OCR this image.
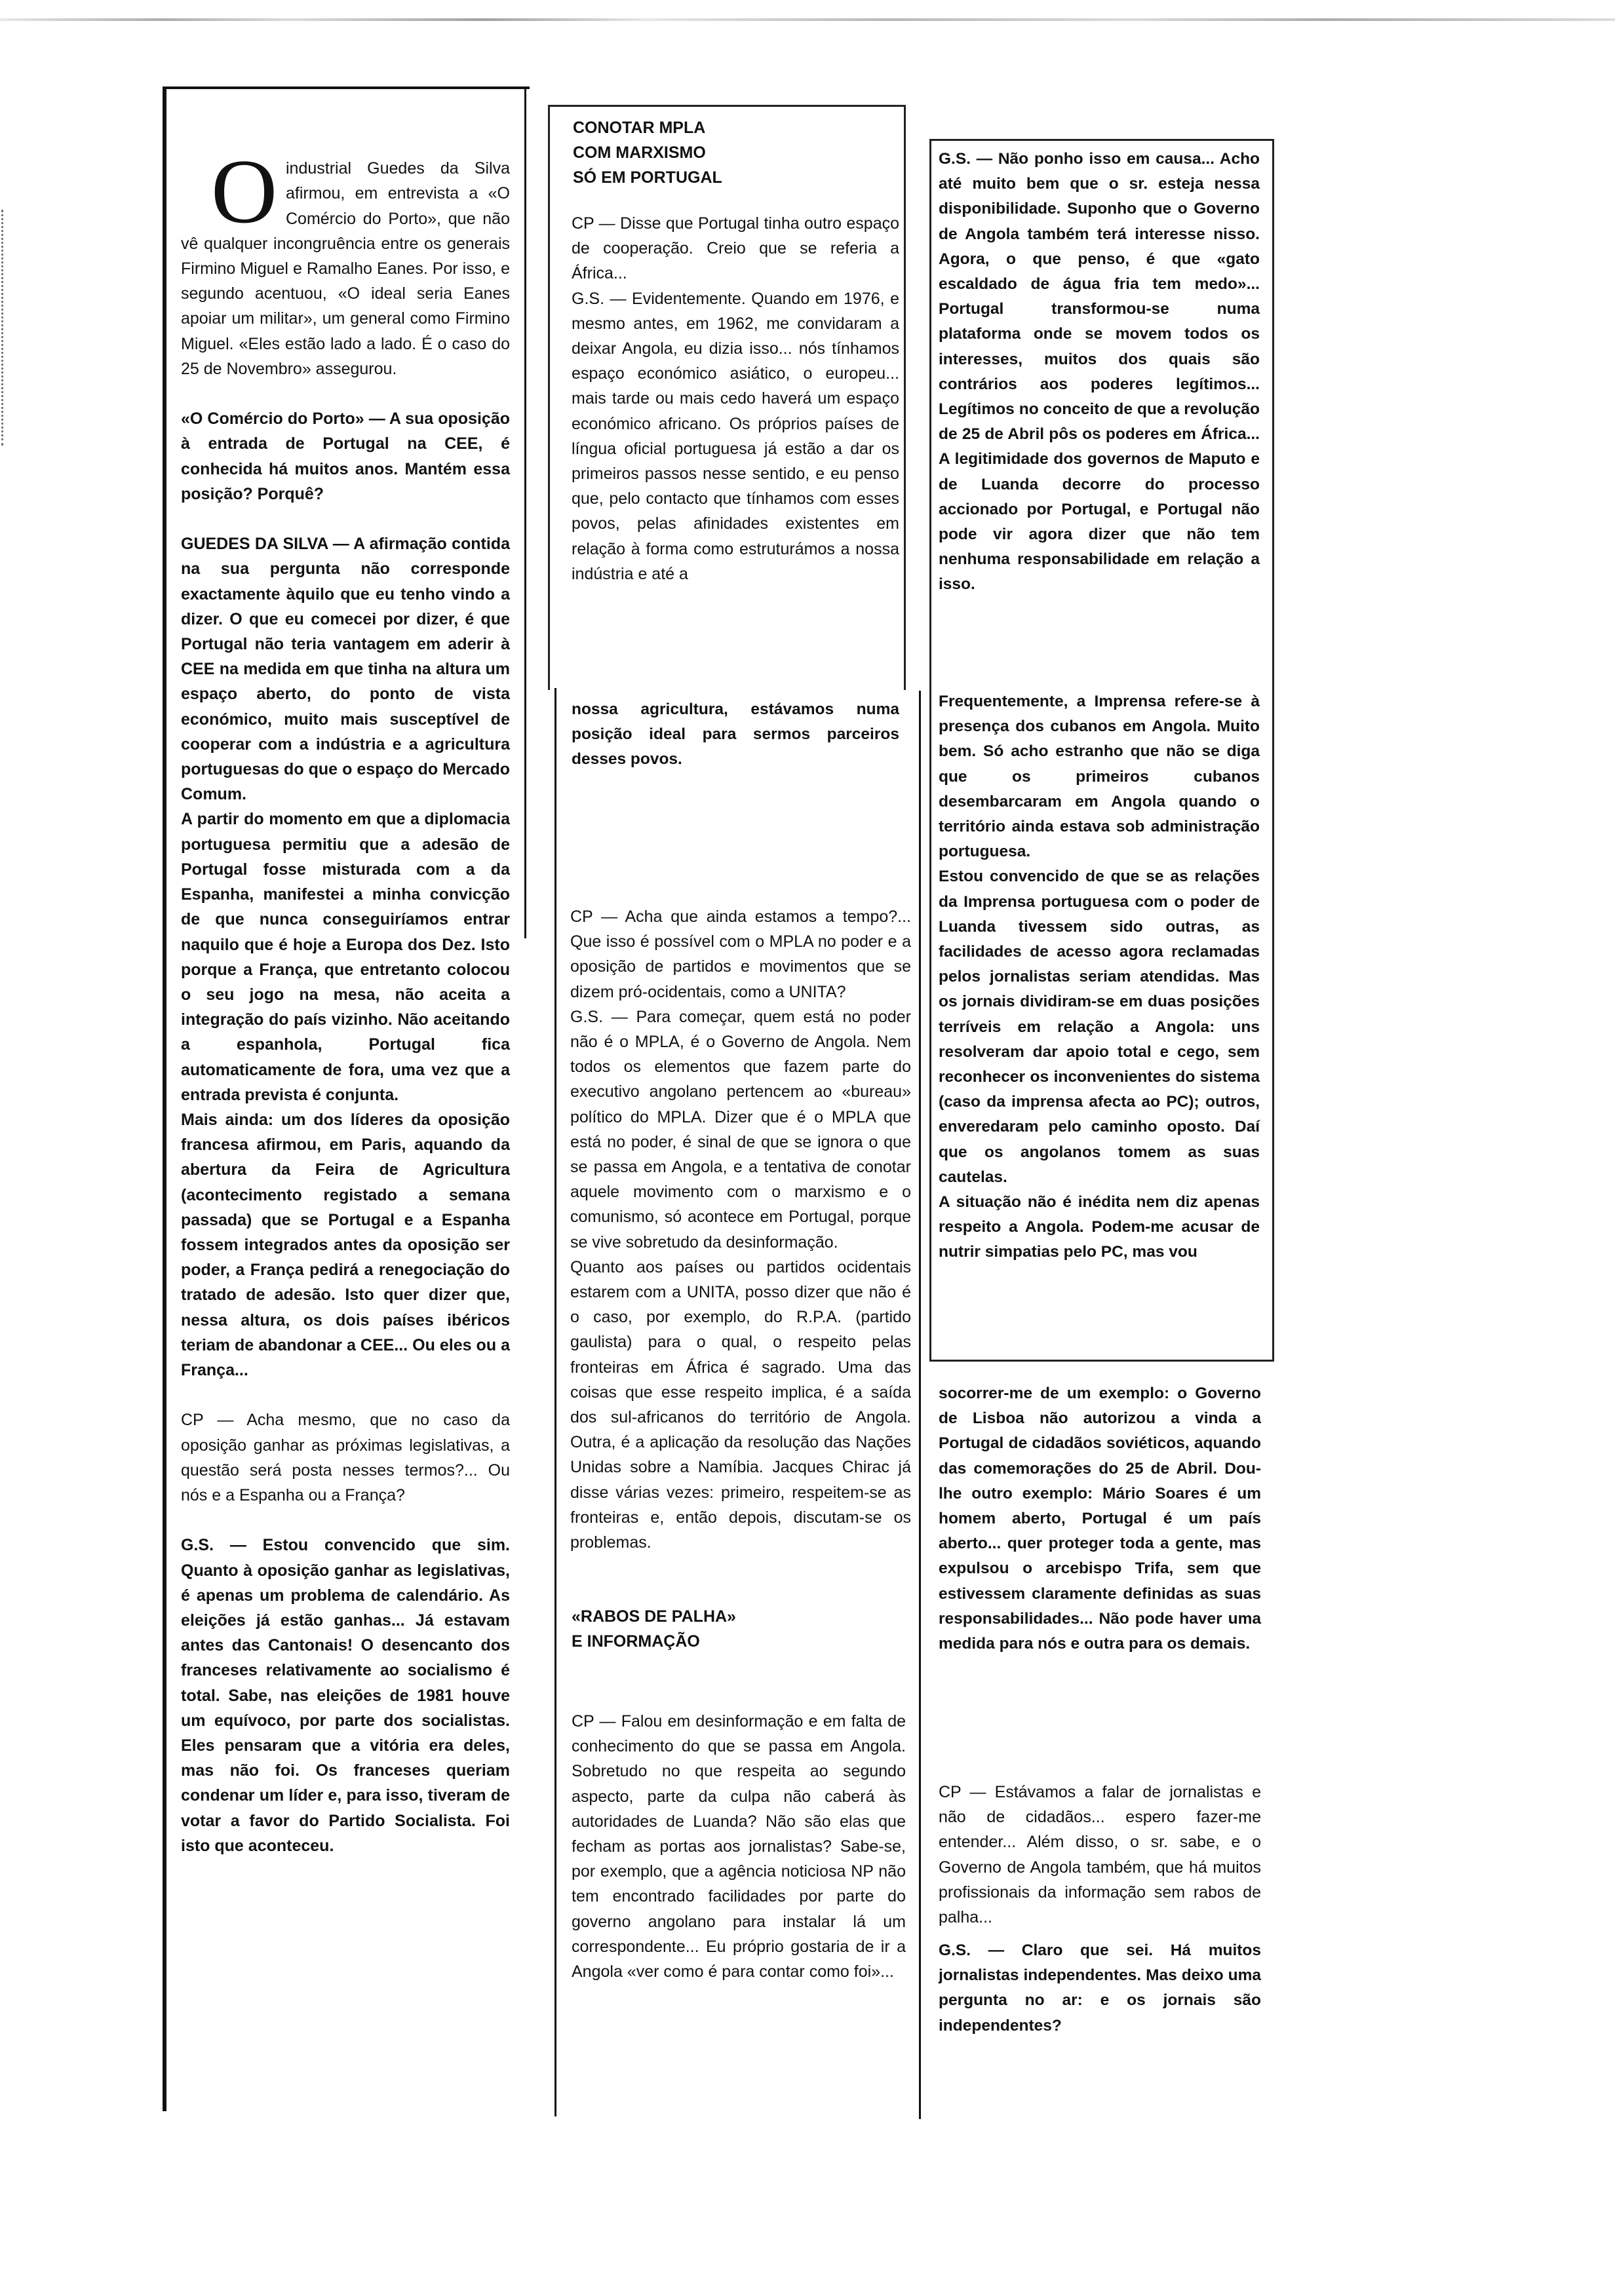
O industrial Guedes da Silva afirmou, em entrevista a «O Comércio do Porto», que não vê qualquer incongruência entre os generais Firmino Miguel e Ramalho Eanes. Por isso, e segundo acentuou, «O ideal seria Eanes apoiar um militar», um general como Firmino Miguel. «Eles estão lado a lado. É o caso do 25 de Novembro» assegurou.

«O Comércio do Porto» — A sua oposição à entrada de Portugal na CEE, é conhecida há muitos anos. Mantém essa posição? Porquê?

GUEDES DA SILVA — A afirmação contida na sua pergunta não corresponde exactamente àquilo que eu tenho vindo a dizer. O que eu comecei por dizer, é que Portugal não teria vantagem em aderir à CEE na medida em que tinha na altura um espaço aberto, do ponto de vista económico, muito mais susceptível de cooperar com a indústria e a agricultura portuguesas do que o espaço do Mercado Comum.
A partir do momento em que a diplomacia portuguesa permitiu que a adesão de Portugal fosse misturada com a da Espanha, manifestei a minha convicção de que nunca conseguiríamos entrar naquilo que é hoje a Europa dos Dez. Isto porque a França, que entretanto colocou o seu jogo na mesa, não aceita a integração do país vizinho. Não aceitando a espanhola, Portugal fica automaticamente de fora, uma vez que a entrada prevista é conjunta.
Mais ainda: um dos líderes da oposição francesa afirmou, em Paris, aquando da abertura da Feira de Agricultura (acontecimento registado a semana passada) que se Portugal e a Espanha fossem integrados antes da oposição ser poder, a França pedirá a renegociação do tratado de adesão. Isto quer dizer que, nessa altura, os dois países ibéricos teriam de abandonar a CEE... Ou eles ou a França...

CP — Acha mesmo, que no caso da oposição ganhar as próximas legislativas, a questão será posta nesses termos?... Ou nós e a Espanha ou a França?

G.S. — Estou convencido que sim. Quanto à oposição ganhar as legislativas, é apenas um problema de calendário. As eleições já estão ganhas... Já estavam antes das Cantonais! O desencanto dos franceses relativamente ao socialismo é total. Sabe, nas eleições de 1981 houve um equívoco, por parte dos socialistas. Eles pensaram que a vitória era deles, mas não foi. Os franceses queriam condenar um líder e, para isso, tiveram de votar a favor do Partido Socialista. Foi isto que aconteceu.

CONOTAR MPLA
COM MARXISMO
SÓ EM PORTUGAL
CP — Disse que Portugal tinha outro espaço de cooperação. Creio que se referia a África...
G.S. — Evidentemente. Quando em 1976, e mesmo antes, em 1962, me convidaram a deixar Angola, eu dizia isso... nós tínhamos espaço económico asiático, o europeu... mais tarde ou mais cedo haverá um espaço económico africano. Os próprios países de língua oficial portuguesa já estão a dar os primeiros passos nesse sentido, e eu penso que, pelo contacto que tínhamos com esses povos, pelas afinidades existentes em relação à forma como estruturámos a nossa indústria e até a
nossa agricultura, estávamos numa posição ideal para sermos parceiros desses povos.
CP — Acha que ainda estamos a tempo?... Que isso é possível com o MPLA no poder e a oposição de partidos e movimentos que se dizem pró-ocidentais, como a UNITA?
G.S. — Para começar, quem está no poder não é o MPLA, é o Governo de Angola. Nem todos os elementos que fazem parte do executivo angolano pertencem ao «bureau» político do MPLA. Dizer que é o MPLA que está no poder, é sinal de que se ignora o que se passa em Angola, e a tentativa de conotar aquele movimento com o marxismo e o comunismo, só acontece em Portugal, porque se vive sobretudo da desinformação.
Quanto aos países ou partidos ocidentais estarem com a UNITA, posso dizer que não é o caso, por exemplo, do R.P.A. (partido gaulista) para o qual, o respeito pelas fronteiras em África é sagrado. Uma das coisas que esse respeito implica, é a saída dos sul-africanos do território de Angola. Outra, é a aplicação da resolução das Nações Unidas sobre a Namíbia. Jacques Chirac já disse várias vezes: primeiro, respeitem-se as fronteiras e, então depois, discutam-se os problemas.
«RABOS DE PALHA»
E INFORMAÇÃO
CP — Falou em desinformação e em falta de conhecimento do que se passa em Angola. Sobretudo no que respeita ao segundo aspecto, parte da culpa não caberá às autoridades de Luanda? Não são elas que fecham as portas aos jornalistas? Sabe-se, por exemplo, que a agência noticiosa NP não tem encontrado facilidades por parte do governo angolano para instalar lá um correspondente... Eu próprio gostaria de ir a Angola «ver como é para contar como foi»...
G.S. — Não ponho isso em causa... Acho até muito bem que o sr. esteja nessa disponibilidade. Suponho que o Governo de Angola também terá interesse nisso. Agora, o que penso, é que «gato escaldado de água fria tem medo»... Portugal transformou-se numa plataforma onde se movem todos os interesses, muitos dos quais são contrários aos poderes legítimos... Legítimos no conceito de que a revolução de 25 de Abril pôs os poderes em África... A legitimidade dos governos de Maputo e de Luanda decorre do processo accionado por Portugal, e Portugal não pode vir agora dizer que não tem nenhuma responsabilidade em relação a isso.
Frequentemente, a Imprensa refere-se à presença dos cubanos em Angola. Muito bem. Só acho estranho que não se diga que os primeiros cubanos desembarcaram em Angola quando o território ainda estava sob administração portuguesa.
Estou convencido de que se as relações da Imprensa portuguesa com o poder de Luanda tivessem sido outras, as facilidades de acesso agora reclamadas pelos jornalistas seriam atendidas. Mas os jornais dividiram-se em duas posições terríveis em relação a Angola: uns resolveram dar apoio total e cego, sem reconhecer os inconvenientes do sistema (caso da imprensa afecta ao PC); outros, enveredaram pelo caminho oposto. Daí que os angolanos tomem as suas cautelas.
A situação não é inédita nem diz apenas respeito a Angola. Podem-me acusar de nutrir simpatias pelo PC, mas vou
socorrer-me de um exemplo: o Governo de Lisboa não autorizou a vinda a Portugal de cidadãos soviéticos, aquando das comemorações do 25 de Abril. Dou-lhe outro exemplo: Mário Soares é um homem aberto, Portugal é um país aberto... quer proteger toda a gente, mas expulsou o arcebispo Trifa, sem que estivessem claramente definidas as suas responsabilidades... Não pode haver uma medida para nós e outra para os demais.
CP — Estávamos a falar de jornalistas e não de cidadãos... espero fazer-me entender... Além disso, o sr. sabe, e o Governo de Angola também, que há muitos profissionais da informação sem rabos de palha...
G.S. — Claro que sei. Há muitos jornalistas independentes. Mas deixo uma pergunta no ar: e os jornais são independentes?
